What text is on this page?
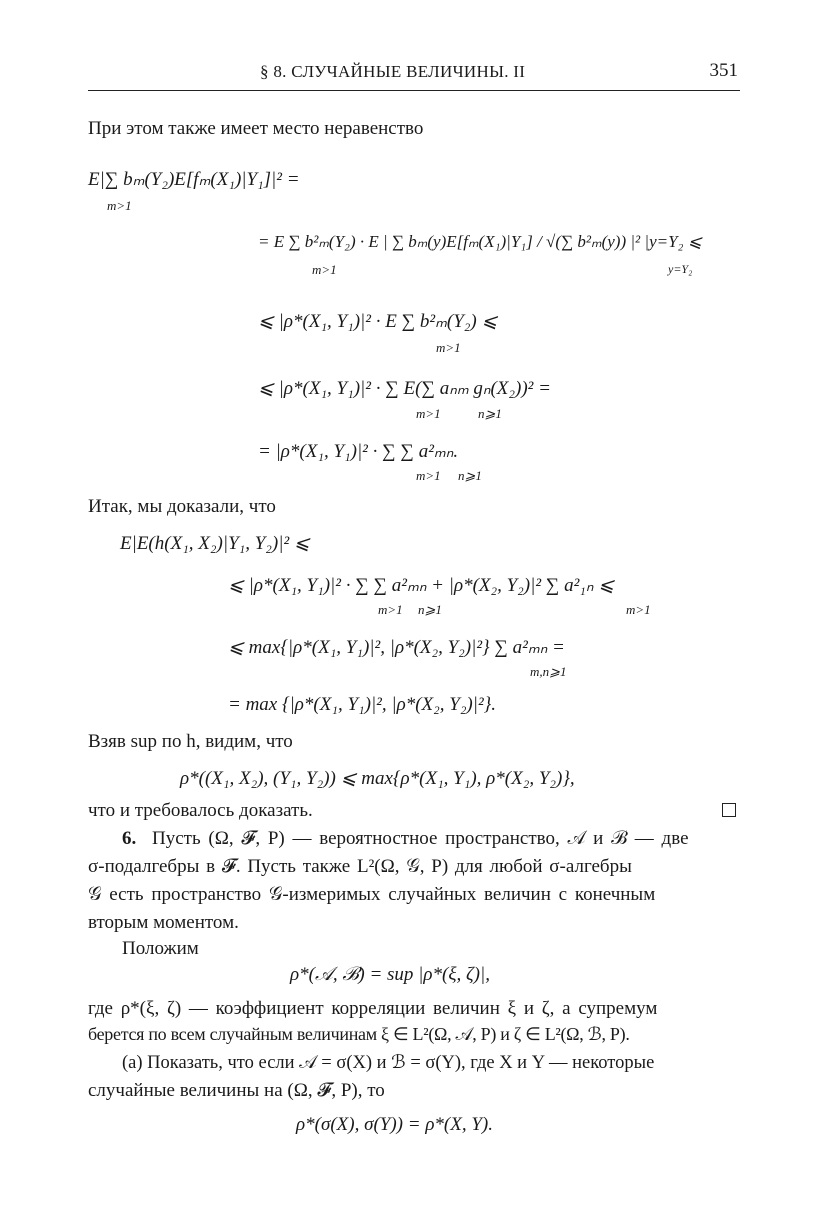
§ 8. СЛУЧАЙНЫЕ ВЕЛИЧИНЫ. II	351
При этом также имеет место неравенство
E|∑ bₘ(Y₂)E[fₘ(X₁)|Y₁]|² =
m>1
= E ∑ b²ₘ(Y₂) · E | ∑ bₘ(y)E[fₘ(X₁)|Y₁] / √(∑ b²ₘ(y)) |² |y=Y₂ ⩽
m>1	y=Y₂
⩽ |ρ*(X₁, Y₁)|² · E ∑ b²ₘ(Y₂) ⩽
m>1
⩽ |ρ*(X₁, Y₁)|² · ∑ E(∑ aₙₘ gₙ(X₂))² =
m>1	n⩾1
= |ρ*(X₁, Y₁)|² · ∑ ∑ a²ₘₙ.
m>1 n⩾1
Итак, мы доказали, что
E|E(h(X₁, X₂)|Y₁, Y₂)|² ⩽
⩽ |ρ*(X₁, Y₁)|² · ∑ ∑ a²ₘₙ + |ρ*(X₂, Y₂)|² ∑ a²₁ₙ ⩽
m>1 n⩾1	m>1
⩽ max{|ρ*(X₁, Y₁)|², |ρ*(X₂, Y₂)|²} ∑ a²ₘₙ =
m,n⩾1
= max {|ρ*(X₁, Y₁)|², |ρ*(X₂, Y₂)|²}.
Взяв sup по h, видим, что
ρ*((X₁, X₂), (Y₁, Y₂)) ⩽ max{ρ*(X₁, Y₁), ρ*(X₂, Y₂)},
что и требовалось доказать.
6. Пусть (Ω, 𝓕, P) — вероятностное пространство, 𝒜 и ℬ — две
σ-подалгебры в 𝓕. Пусть также L²(Ω, 𝒢, P) для любой σ-алгебры
𝒢 есть пространство 𝒢-измеримых случайных величин с конечным
вторым моментом.
Положим
ρ*(𝒜, ℬ) = sup |ρ*(ξ, ζ)|,
где ρ*(ξ, ζ) — коэффициент корреляции величин ξ и ζ, а супремум
берется по всем случайным величинам ξ ∈ L²(Ω, 𝒜, P) и ζ ∈ L²(Ω, ℬ, P).
(а) Показать, что если 𝒜 = σ(X) и ℬ = σ(Y), где X и Y — некоторые
случайные величины на (Ω, 𝓕, P), то
ρ*(σ(X), σ(Y)) = ρ*(X, Y).
